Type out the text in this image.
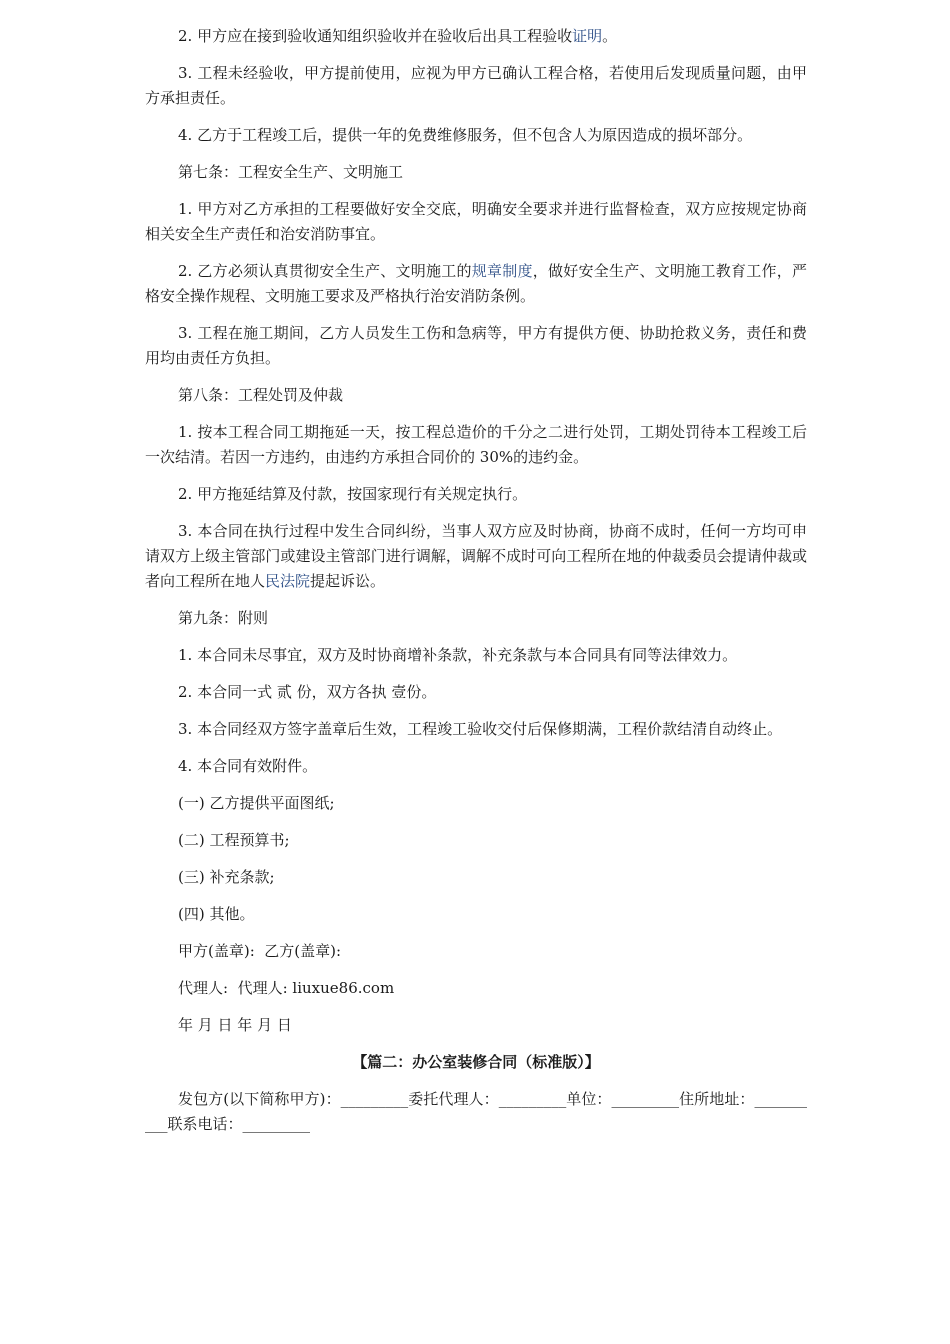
2. 甲方应在接到验收通知组织验收并在验收后出具工程验收证明。

3. 工程未经验收，甲方提前使用，应视为甲方已确认工程合格，若使用后发现质量问题，由甲方承担责任。

4. 乙方于工程竣工后，提供一年的免费维修服务，但不包含人为原因造成的损坏部分。

第七条：工程安全生产、文明施工

1. 甲方对乙方承担的工程要做好安全交底，明确安全要求并进行监督检查，双方应按规定协商相关安全生产责任和治安消防事宜。

2. 乙方必须认真贯彻安全生产、文明施工的规章制度，做好安全生产、文明施工教育工作，严格安全操作规程、文明施工要求及严格执行治安消防条例。

3. 工程在施工期间，乙方人员发生工伤和急病等，甲方有提供方便、协助抢救义务，责任和费用均由责任方负担。

第八条：工程处罚及仲裁

1. 按本工程合同工期拖延一天，按工程总造价的千分之二进行处罚，工期处罚待本工程竣工后一次结清。若因一方违约，由违约方承担合同价的 30%的违约金。

2. 甲方拖延结算及付款，按国家现行有关规定执行。

3. 本合同在执行过程中发生合同纠纷，当事人双方应及时协商，协商不成时，任何一方均可申请双方上级主管部门或建设主管部门进行调解，调解不成时可向工程所在地的仲裁委员会提请仲裁或者向工程所在地人民法院提起诉讼。

第九条：附则

1. 本合同未尽事宜，双方及时协商增补条款，补充条款与本合同具有同等法律效力。

2. 本合同一式 贰 份，双方各执 壹份。

3. 本合同经双方签字盖章后生效，工程竣工验收交付后保修期满，工程价款结清自动终止。

4. 本合同有效附件。

(一) 乙方提供平面图纸;

(二) 工程预算书;

(三) 补充条款;

(四) 其他。

甲方(盖章):  乙方(盖章):

代理人:  代理人: liuxue86.com

年 月 日 年 月 日

【篇二：办公室装修合同（标准版）】

发包方(以下简称甲方)：_________委托代理人：_________单位：_________住所地址：__________联系电话：_________
